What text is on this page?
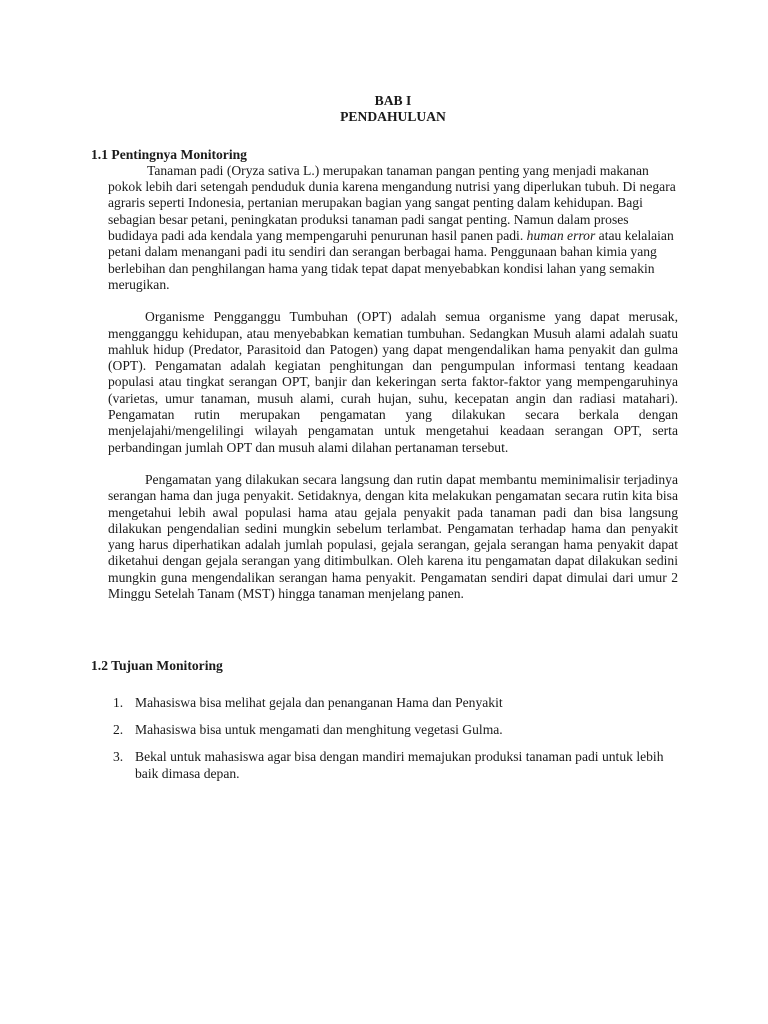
BAB I
PENDAHULUAN
1.1 Pentingnya Monitoring

Tanaman padi (Oryza sativa L.) merupakan tanaman pangan penting yang menjadi makanan pokok lebih dari setengah penduduk dunia karena mengandung nutrisi yang diperlukan tubuh. Di negara agraris seperti Indonesia, pertanian merupakan bagian yang sangat penting dalam kehidupan. Bagi sebagian besar petani, peningkatan produksi tanaman padi sangat penting. Namun dalam proses budidaya padi ada kendala yang mempengaruhi penurunan hasil panen padi. human error atau kelalaian petani dalam menangani padi itu sendiri dan serangan berbagai hama. Penggunaan bahan kimia yang berlebihan dan penghilangan hama yang tidak tepat dapat menyebabkan kondisi lahan yang semakin merugikan.

Organisme Pengganggu Tumbuhan (OPT) adalah semua organisme yang dapat merusak, mengganggu kehidupan, atau menyebabkan kematian tumbuhan. Sedangkan Musuh alami adalah suatu mahluk hidup (Predator, Parasitoid dan Patogen) yang dapat mengendalikan hama penyakit dan gulma (OPT). Pengamatan adalah kegiatan penghitungan dan pengumpulan informasi tentang keadaan populasi atau tingkat serangan OPT, banjir dan kekeringan serta faktor-faktor yang mempengaruhinya (varietas, umur tanaman, musuh alami, curah hujan, suhu, kecepatan angin dan radiasi matahari). Pengamatan rutin merupakan pengamatan yang dilakukan secara berkala dengan menjelajahi/mengelilingi wilayah pengamatan untuk mengetahui keadaan serangan OPT, serta perbandingan jumlah OPT dan musuh alami dilahan pertanaman tersebut.

Pengamatan yang dilakukan secara langsung dan rutin dapat membantu meminimalisir terjadinya serangan hama dan juga penyakit. Setidaknya, dengan kita melakukan pengamatan secara rutin kita bisa mengetahui lebih awal populasi hama atau gejala penyakit pada tanaman padi dan bisa langsung dilakukan pengendalian sedini mungkin sebelum terlambat. Pengamatan terhadap hama dan penyakit yang harus diperhatikan adalah jumlah populasi, gejala serangan, gejala serangan hama penyakit dapat diketahui dengan gejala serangan yang ditimbulkan. Oleh karena itu pengamatan dapat dilakukan sedini mungkin guna mengendalikan serangan hama penyakit. Pengamatan sendiri dapat dimulai dari umur 2 Minggu Setelah Tanam (MST) hingga tanaman menjelang panen.

1.2 Tujuan Monitoring
1. Mahasiswa bisa melihat gejala dan penanganan Hama dan Penyakit
2. Mahasiswa bisa untuk mengamati dan menghitung vegetasi Gulma.
3. Bekal untuk mahasiswa agar bisa dengan mandiri memajukan produksi tanaman padi untuk lebih baik dimasa depan.
